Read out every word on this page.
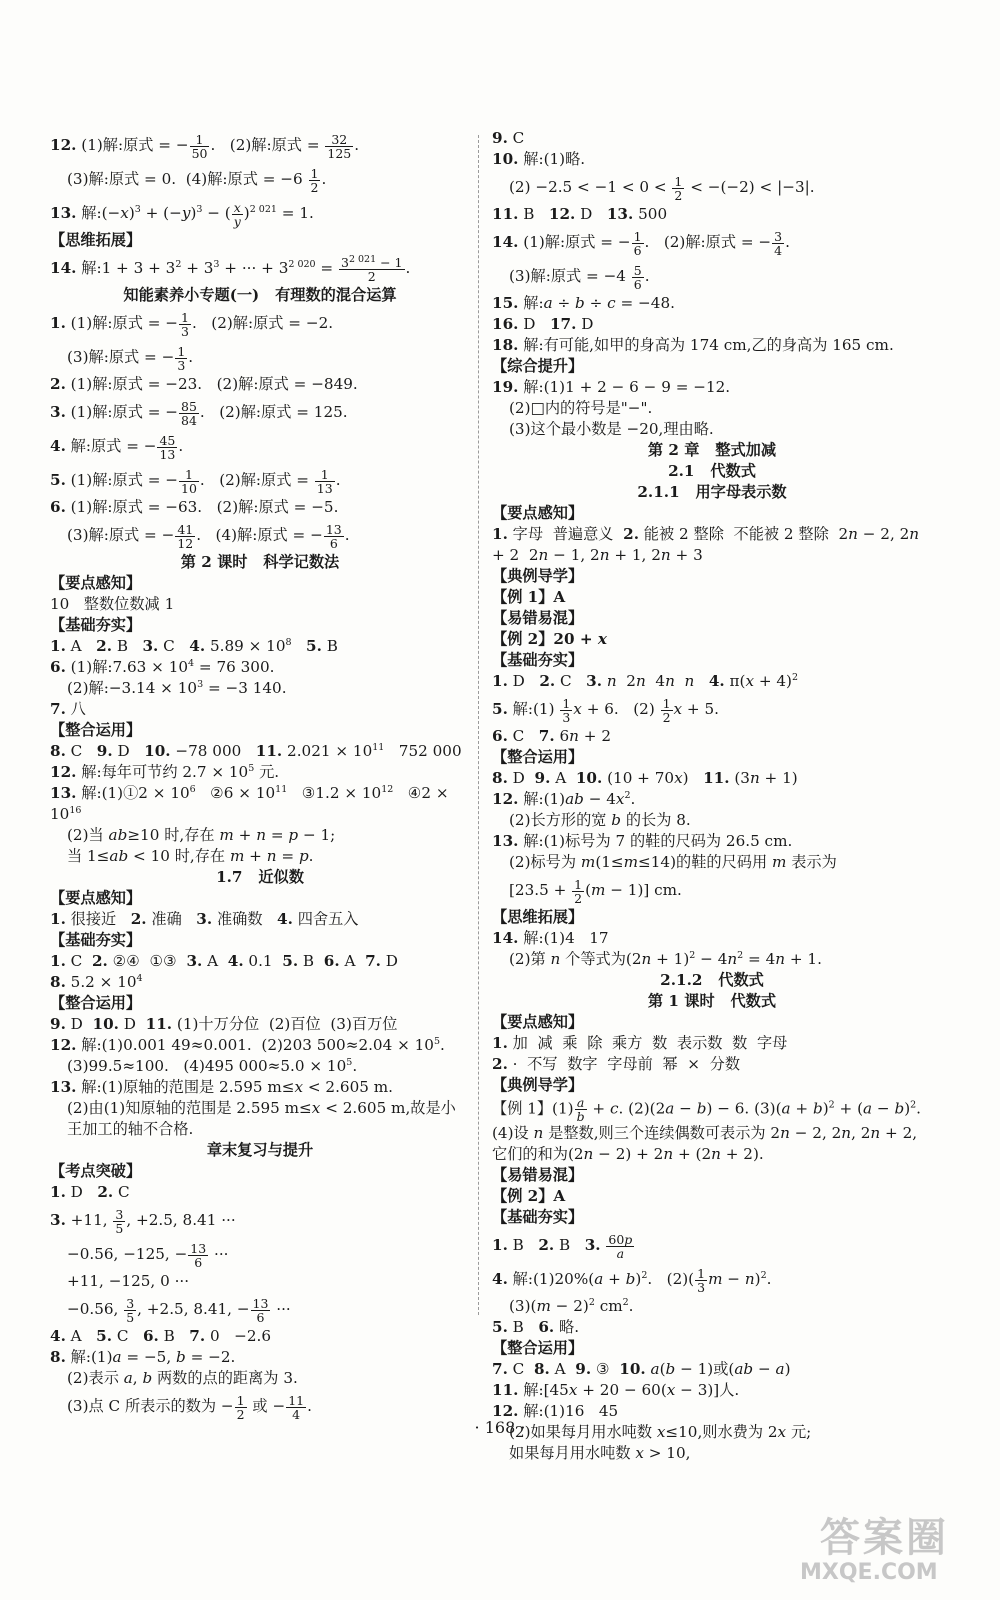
12. (1)解:原式 = − $\frac{1}{50}$ .   (2)解:原式 = $\frac{32}{125}$ .
(3)解:原式 = 0.  (4)解:原式 = $-6 \frac{1}{2}$ .
13. 解$:(-x)^3 + (-y)^3$ − ( $\frac{x}{y} )^{2 021} = 1$.
【思维拓展】
14. 解:1 + $3 + 3^2 + 3^3$ + ··· + $3^{2 020} = \frac{3^{2 021} - 1}{2}$ .
知能素养小专题(一)   有理数的混合运算
1. (1)解:原式 = − $\frac{1}{3}$ .   (2)解:原式 = −2.
(3)解:原式 = − $\frac{1}{3}$ .
2. (1)解:原式 = −23.   (2)解:原式 = −849.
3. (1)解:原式 = − $\frac{85}{84}$ .   (2)解:原式 = 125.
4. 解:原式 = − $\frac{45}{13}$ .
5. (1)解:原式 = − $\frac{1}{10}$ .   (2)解:原式 = $\frac{1}{13}$ .
6. (1)解:原式 = −63.   (2)解:原式 = −5.
(3)解:原式 = − $\frac{41}{12}$ .   (4)解:原式 = − $\frac{13}{6}$ .
第 2 课时   科学记数法
【要点感知】
10   整数位数减 1
【基础夯实】
1. A   2. B   3. C   4. $5.89 \times 10^8$ 5. B
6. (1)解:7.63 × $10^4 = 76$ 300.
(2)解:−3.14 × $10^3 = -3$ 140.
7. 八
【整合运用】
8. C   9. D   10. −78 000   11. $2.021 \times 10^{11}$   752 000
12. 解:每年可节约 $2.7 \times 10^5$ 元.
13. 解:(1)①2 × $10^6$   ②6 × $10^{11}$   ③1.2 × $10^{12}$   ④2 × $10^{16}$
(2)当 ab≥10 时,存在 m + n = p − 1;
当 1≤ab < 10 时,存在 m + n = p.
1.7   近似数
【要点感知】
1. 很接近   2. 准确   3. 准确数   4. 四舍五入
【基础夯实】
1. C  2. ②④  ①③  3. A  4. 0.1  5. B  6. A  7. D
8. $5.2 \times 10^4$
【整合运用】
9. D  10. D  11. (1)十万分位  (2)百位  (3)百万位
12. 解:(1)0.001 49≈0.001.  (2)203 $500\approx 2.04 \times 10^5$.
(3)99.5≈100.   (4)495 $000\approx 5.0 \times 10^5$.
13. 解:(1)原轴的范围是 2.595 m≤x < 2.605 m.
(2)由(1)知原轴的范围是 2.595 m≤x < 2.605 m,故是小王加工的轴不合格.
章末复习与提升
【考点突破】
1. D   2. C
3. +11, $\frac{3}{5}$ , +2.5, 8.41 ···
−0.56, −125, − $\frac{13}{6}$ ···
+11, −125, 0 ···
−0.56, $\frac{3}{5}$ , +2.5, 8.41, − $\frac{13}{6}$ ···
4. A   5. C   6. B   7. 0   −2.6
8. 解:(1)a = −5, b = −2.
(2)表示 a, b 两数的点的距离为 3.
(3)点 C 所表示的数为 − $\frac{1}{2}$ 或 − $\frac{11}{4}$ .
9. C
10. 解:(1)略.
$(2) -2.5 < -1 < 0 < \frac{1}{2} < -(-2) < |-3|$.
11. B   12. D   13. 500
14. (1)解:原式 = − $\frac{1}{6}$ .   (2)解:原式 = − $\frac{3}{4}$ .
(3)解:原式 = $-4 \frac{5}{6}$ .
15. 解:a ÷ b ÷ c = −48.
16. D   17. D
18. 解:有可能,如甲的身高为 174 cm,乙的身高为 165 cm.
【综合提升】
19. 解:(1)1 + 2 − 6 − 9 = −12.
(2)□内的符号是"−".
(3)这个最小数是 −20,理由略.
第 2 章   整式加减
2.1   代数式
2.1.1   用字母表示数
【要点感知】
1. 字母  普遍意义  2. 能被 2 整除  不能被 2 整除  2n − 2, 2n + 2  2n − 1, 2n + 1, 2n + 3
【典例导学】
【例 1】A
【易错易混】
【例 2】20 + x
【基础夯实】
1. D   2. C   3. n  2n  4n n 4. $\pi(x + 4)^2$
5. 解:(1) $\frac{1}{3}$ x + 6.   $(2) \frac{1}{2}$ x + 5.
6. C   7. 6n + 2
【整合运用】
8. D  9. A  10. (10 + 70x)   11. (3n + 1)
12. 解:(1)ab − $4x^2$.
(2)长方形的宽 b 的长为 8.
13. 解:(1)标号为 7 的鞋的尺码为 26.5 cm.
(2)标号为 m(1≤m≤14)的鞋的尺码用 m 表示为
$[23.5 + \frac{1}{2} (m - 1)]$ cm.
【思维拓展】
14. 解:(1)4   17
(2)第 n 个等式为$(2n + 1)^2 - 4n^2 = 4n + 1$.
2.1.2   代数式
第 1 课时   代数式
【要点感知】
1. 加  减  乘  除  乘方  数  表示数  数  字母
2. ·  不写  数字  字母前  幂  ×  分数
【典例导学】
【例 1】$(1) \frac{a}{b} + c$. (2)(2a − b) − 6. $(3)(a + b)^2 + (a - b)^2$. (4)设 n 是整数,则三个连续偶数可表示为 2n − 2, 2n, 2n + 2,它们的和为(2n − 2) + 2n + (2n + 2).
【易错易混】
【例 2】A
【基础夯实】
1. B   2. B   3. $\frac{60p}{a}$
4. 解:(1)20%(a + b)$^2$.   $(2)( \frac{1}{3}$ $m - n)^2$.
$(3)(m - 2)^2$ $cm^2$.
5. B   6. 略.
【整合运用】
7. C  8. A  9. ③  10. a(b − 1)或(ab − a)
11. 解:[45x + 20 − 60(x − 3)]人.
12. 解:(1)16   45
(2)如果每月用水吨数 x≤10,则水费为 2x 元;
如果每月用水吨数 x > 10,
· 168 ·
答案圈
MXQE.COM
